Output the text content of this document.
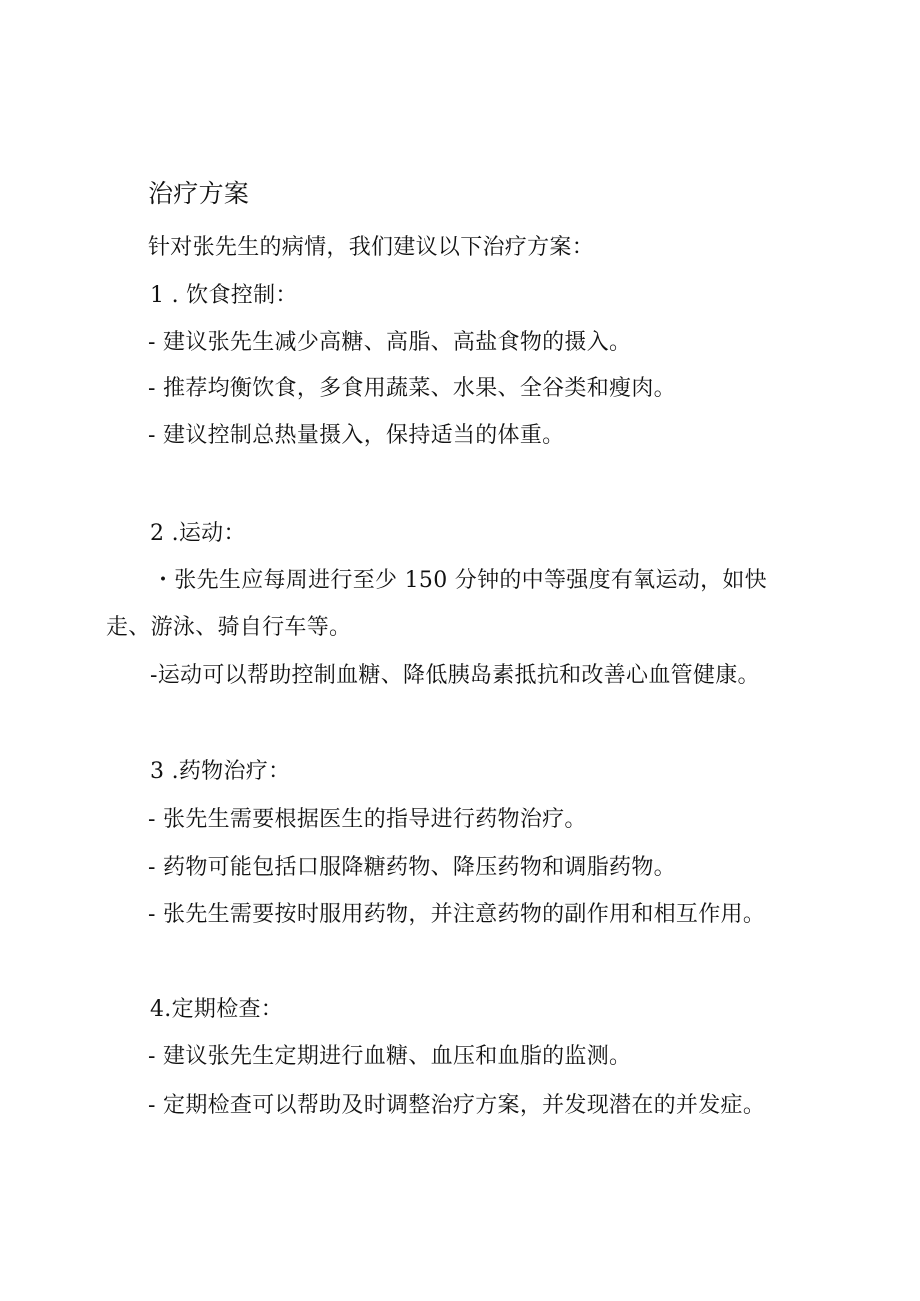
治疗方案
针对张先生的病情，我们建议以下治疗方案：
1 . 饮食控制：
- 建议张先生减少高糖、高脂、高盐食物的摄入。
- 推荐均衡饮食，多食用蔬菜、水果、全谷类和瘦肉。
- 建议控制总热量摄入，保持适当的体重。
2 .运动：
・张先生应每周进行至少 150 分钟的中等强度有氧运动，如快
走、游泳、骑自行车等。
-运动可以帮助控制血糖、降低胰岛素抵抗和改善心血管健康。
3 .药物治疗：
- 张先生需要根据医生的指导进行药物治疗。
- 药物可能包括口服降糖药物、降压药物和调脂药物。
- 张先生需要按时服用药物，并注意药物的副作用和相互作用。
4.定期检查：
- 建议张先生定期进行血糖、血压和血脂的监测。
- 定期检查可以帮助及时调整治疗方案，并发现潜在的并发症。
